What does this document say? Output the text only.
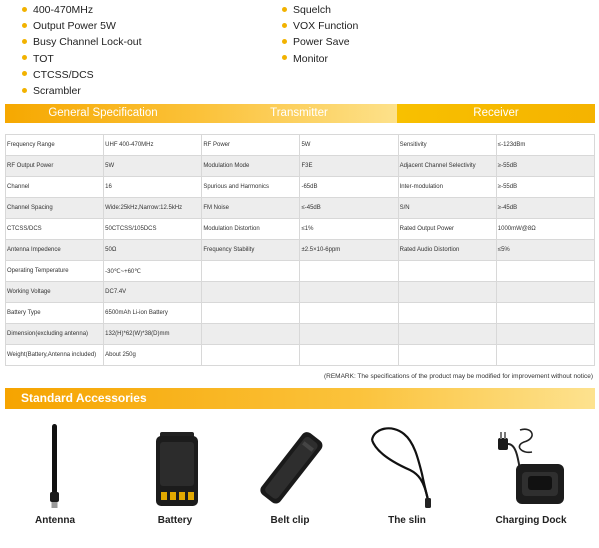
400-470MHz
Output Power 5W
Busy Channel Lock-out
TOT
CTCSS/DCS
Scrambler
Squelch
VOX Function
Power Save
Monitor
General Specification	Transmitter	Receiver
Frequency Range	UHF 400-470MHz	RF Power	5W	Sensitivity	≤-123dBm
RF Output Power	5W	Modulation Mode	F3E	Adjacent Channel Selectivity	≥-55dB
Channel	16	Spurious and Harmonics	-65dB	Inter-modulation	≥-55dB
Channel Spacing	Wide:25kHz,Narrow:12.5kHz	FM Noise	≤-45dB	S/N	≥-45dB
CTCSS/DCS	50CTCSS/105DCS	Modulation Distortion	≤1%	Rated Output Power	1000mW@8Ω
Antenna Impedence	50Ω	Frequency Stability	±2.5×10-6ppm	Rated Audio Distortion	≤5%
Operating Temperature	-30℃~+60℃				
Working Voltage	DC7.4V				
Battery Type	6500mAh Li-ion Battery				
Dimension(excluding antenna)	132(H)*62(W)*38(D)mm				
Weight(Battery,Antenna included)	About 250g				
(REMARK: The specifications of the product may be modified for improvement without notice)
Standard Accessories
Antenna	Battery	Belt clip	The slin	Charging Dock
